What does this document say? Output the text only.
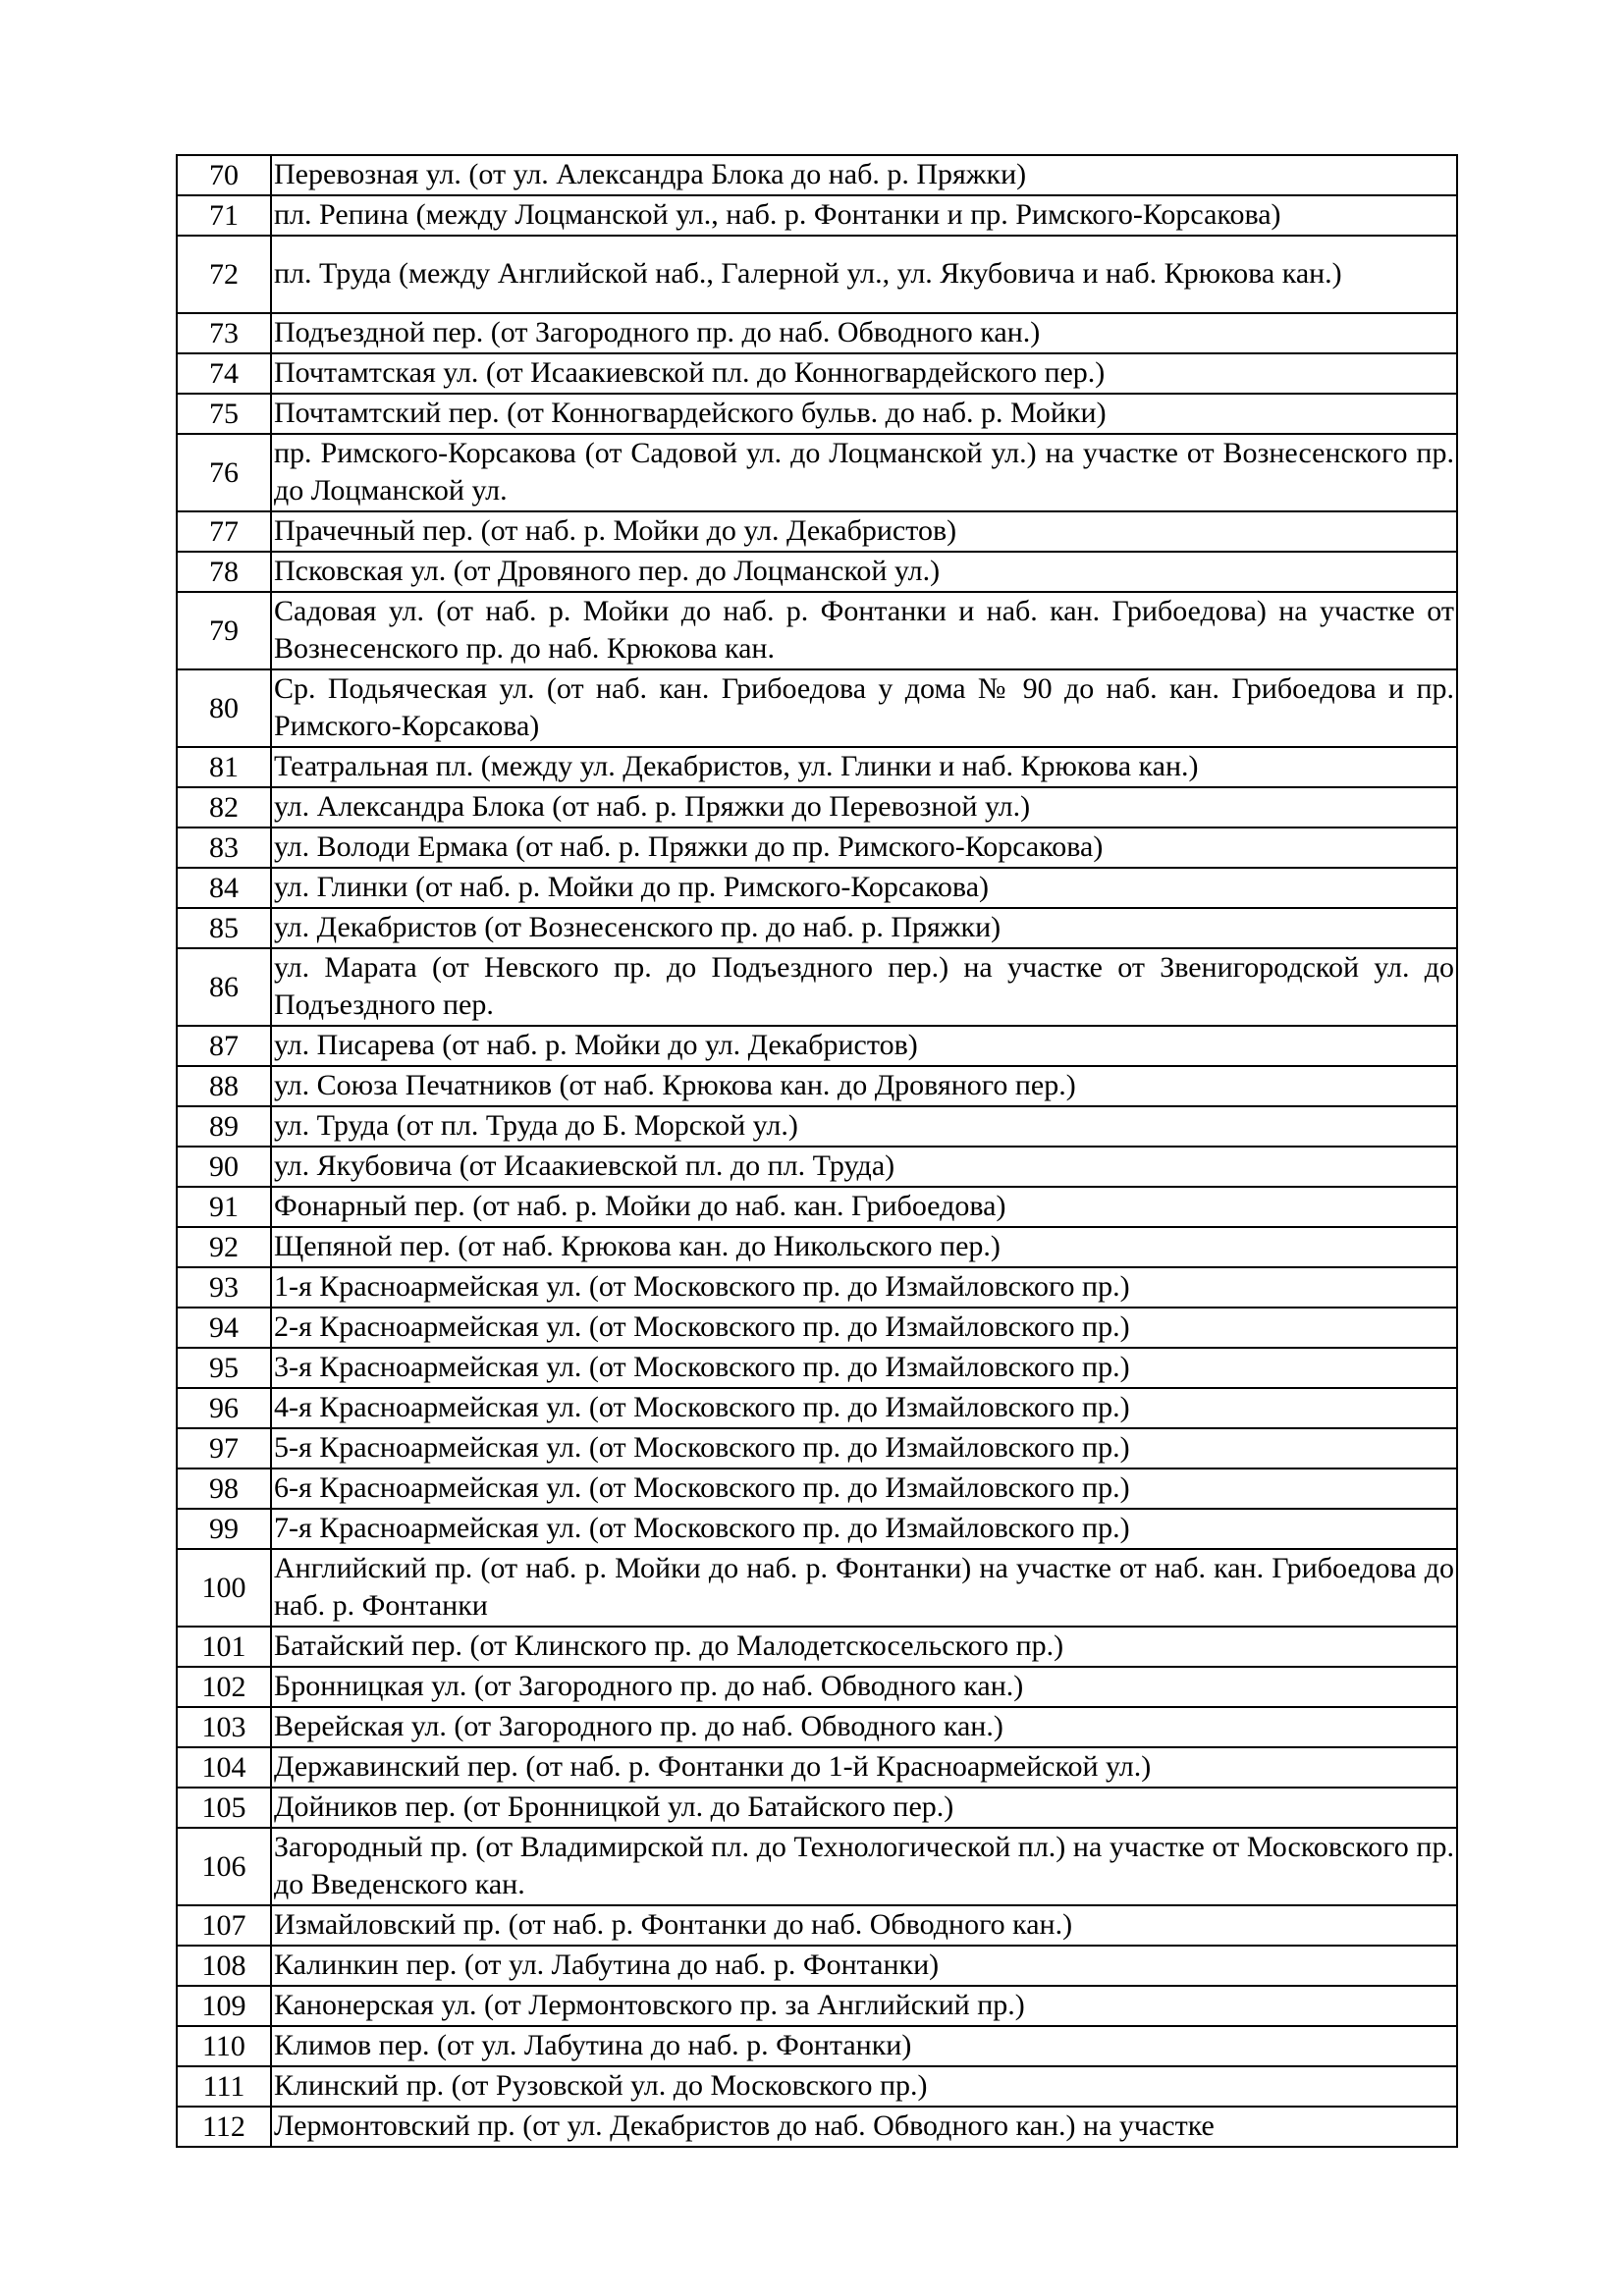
70	Перевозная ул. (от ул. Александра Блока до наб. р. Пряжки)
71	пл. Репина (между Лоцманской ул., наб. р. Фонтанки и пр. Римского-Корсакова)
72	пл. Труда (между Английской наб., Галерной ул., ул. Якубовича и наб. Крюкова кан.)
73	Подъездной пер. (от Загородного пр. до наб. Обводного кан.)
74	Почтамтская ул. (от Исаакиевской пл. до Конногвардейского пер.)
75	Почтамтский пер. (от Конногвардейского бульв. до наб. р. Мойки)
76	пр. Римского-Корсакова (от Садовой ул. до Лоцманской ул.) на участке от Вознесенского пр. до Лоцманской ул.
77	Прачечный пер. (от наб. р. Мойки до ул. Декабристов)
78	Псковская ул. (от Дровяного пер. до Лоцманской ул.)
79	Садовая ул. (от наб. р. Мойки до наб. р. Фонтанки и наб. кан. Грибоедова) на участке от Вознесенского пр. до наб. Крюкова кан.
80	Ср. Подьяческая ул. (от наб. кан. Грибоедова у дома № 90 до наб. кан. Грибоедова и пр. Римского-Корсакова)
81	Театральная пл. (между ул. Декабристов, ул. Глинки и наб. Крюкова кан.)
82	ул. Александра Блока (от наб. р. Пряжки до Перевозной ул.)
83	ул. Володи Ермака (от наб. р. Пряжки до пр. Римского-Корсакова)
84	ул. Глинки (от наб. р. Мойки до пр. Римского-Корсакова)
85	ул. Декабристов (от Вознесенского пр. до наб. р. Пряжки)
86	ул. Марата (от Невского пр. до Подъездного пер.) на участке от Звенигородской ул. до Подъездного пер.
87	ул. Писарева (от наб. р. Мойки до ул. Декабристов)
88	ул. Союза Печатников (от наб. Крюкова кан. до Дровяного пер.)
89	ул. Труда (от пл. Труда до Б. Морской ул.)
90	ул. Якубовича (от Исаакиевской пл. до пл. Труда)
91	Фонарный пер. (от наб. р. Мойки до наб. кан. Грибоедова)
92	Щепяной пер. (от наб. Крюкова кан. до Никольского пер.)
93	1-я Красноармейская ул. (от Московского пр. до Измайловского пр.)
94	2-я Красноармейская ул. (от Московского пр. до Измайловского пр.)
95	3-я Красноармейская ул. (от Московского пр. до Измайловского пр.)
96	4-я Красноармейская ул. (от Московского пр. до Измайловского пр.)
97	5-я Красноармейская ул. (от Московского пр. до Измайловского пр.)
98	6-я Красноармейская ул. (от Московского пр. до Измайловского пр.)
99	7-я Красноармейская ул. (от Московского пр. до Измайловского пр.)
100	Английский пр. (от наб. р. Мойки до наб. р. Фонтанки) на участке от наб. кан. Грибоедова до наб. р. Фонтанки
101	Батайский пер. (от Клинского пр. до Малодетскосельского пр.)
102	Бронницкая ул. (от Загородного пр. до наб. Обводного кан.)
103	Верейская ул. (от Загородного пр. до наб. Обводного кан.)
104	Державинский пер. (от наб. р. Фонтанки до 1-й Красноармейской ул.)
105	Дойников пер. (от Бронницкой ул. до Батайского пер.)
106	Загородный пр. (от Владимирской пл. до Технологической пл.) на участке от Московского пр. до Введенского кан.
107	Измайловский пр. (от наб. р. Фонтанки до наб. Обводного кан.)
108	Калинкин пер. (от ул. Лабутина до наб. р. Фонтанки)
109	Канонерская ул. (от Лермонтовского пр. за Английский пр.)
110	Климов пер. (от ул. Лабутина до наб. р. Фонтанки)
111	Клинский пр. (от Рузовской ул. до Московского пр.)
112	Лермонтовский пр. (от ул. Декабристов до наб. Обводного кан.) на участке
